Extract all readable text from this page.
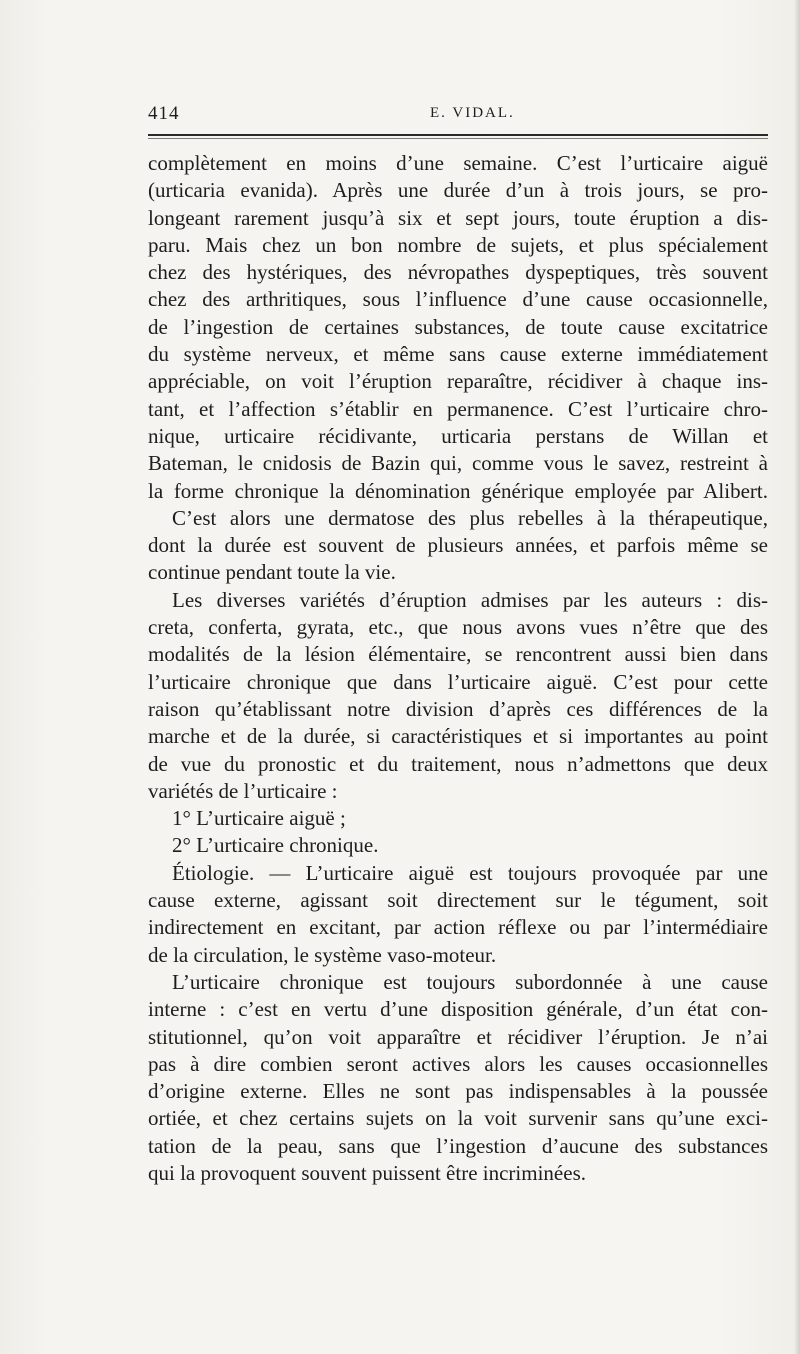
414	E. VIDAL.
complètement en moins d’une semaine. C’est l’urticaire aiguë
(urticaria evanida). Après une durée d’un à trois jours, se pro-
longeant rarement jusqu’à six et sept jours, toute éruption a dis-
paru. Mais chez un bon nombre de sujets, et plus spécialement
chez des hystériques, des névropathes dyspeptiques, très souvent
chez des arthritiques, sous l’influence d’une cause occasionnelle,
de l’ingestion de certaines substances, de toute cause excitatrice
du système nerveux, et même sans cause externe immédiatement
appréciable, on voit l’éruption reparaître, récidiver à chaque ins-
tant, et l’affection s’établir en permanence. C’est l’urticaire chro-
nique, urticaire récidivante, urticaria perstans de Willan et
Bateman, le cnidosis de Bazin qui, comme vous le savez, restreint à
la forme chronique la dénomination générique employée par Alibert.
C’est alors une dermatose des plus rebelles à la thérapeutique,
dont la durée est souvent de plusieurs années, et parfois même se
continue pendant toute la vie.
Les diverses variétés d’éruption admises par les auteurs : dis-
creta, conferta, gyrata, etc., que nous avons vues n’être que des
modalités de la lésion élémentaire, se rencontrent aussi bien dans
l’urticaire chronique que dans l’urticaire aiguë. C’est pour cette
raison qu’établissant notre division d’après ces différences de la
marche et de la durée, si caractéristiques et si importantes au point
de vue du pronostic et du traitement, nous n’admettons que deux
variétés de l’urticaire :
1° L’urticaire aiguë ;
2° L’urticaire chronique.
Étiologie. — L’urticaire aiguë est toujours provoquée par une
cause externe, agissant soit directement sur le tégument, soit
indirectement en excitant, par action réflexe ou par l’intermédiaire
de la circulation, le système vaso-moteur.
L’urticaire chronique est toujours subordonnée à une cause
interne : c’est en vertu d’une disposition générale, d’un état con-
stitutionnel, qu’on voit apparaître et récidiver l’éruption. Je n’ai
pas à dire combien seront actives alors les causes occasionnelles
d’origine externe. Elles ne sont pas indispensables à la poussée
ortiée, et chez certains sujets on la voit survenir sans qu’une exci-
tation de la peau, sans que l’ingestion d’aucune des substances
qui la provoquent souvent puissent être incriminées.
